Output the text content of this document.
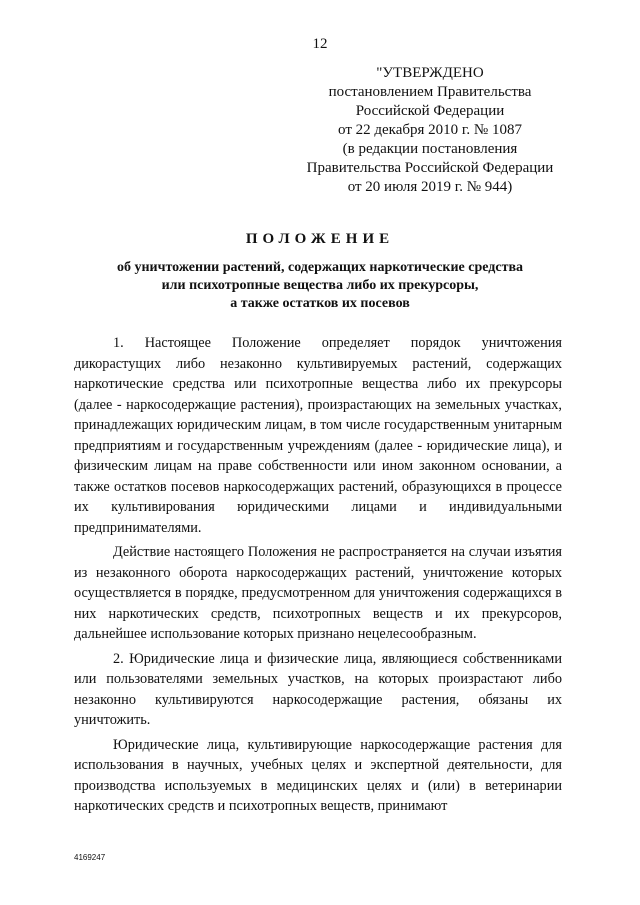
12
"УТВЕРЖДЕНО
постановлением Правительства
Российской Федерации
от 22 декабря 2010 г. № 1087
(в редакции постановления
Правительства Российской Федерации
от 20 июля 2019 г. № 944)
ПОЛОЖЕНИЕ
об уничтожении растений, содержащих наркотические средства
или психотропные вещества либо их прекурсоры,
а также остатков их посевов

1. Настоящее Положение определяет порядок уничтожения дикорастущих либо незаконно культивируемых растений, содержащих наркотические средства или психотропные вещества либо их прекурсоры (далее - наркосодержащие растения), произрастающих на земельных участках, принадлежащих юридическим лицам, в том числе государственным унитарным предприятиям и государственным учреждениям (далее - юридические лица), и физическим лицам на праве собственности или ином законном основании, а также остатков посевов наркосодержащих растений, образующихся в процессе их культивирования юридическими лицами и индивидуальными предпринимателями.

Действие настоящего Положения не распространяется на случаи изъятия из незаконного оборота наркосодержащих растений, уничтожение которых осуществляется в порядке, предусмотренном для уничтожения содержащихся в них наркотических средств, психотропных веществ и их прекурсоров, дальнейшее использование которых признано нецелесообразным.

2. Юридические лица и физические лица, являющиеся собственниками или пользователями земельных участков, на которых произрастают либо незаконно культивируются наркосодержащие растения, обязаны их уничтожить.

Юридические лица, культивирующие наркосодержащие растения для использования в научных, учебных целях и экспертной деятельности, для производства используемых в медицинских целях и (или) в ветеринарии наркотических средств и психотропных веществ, принимают

4169247
